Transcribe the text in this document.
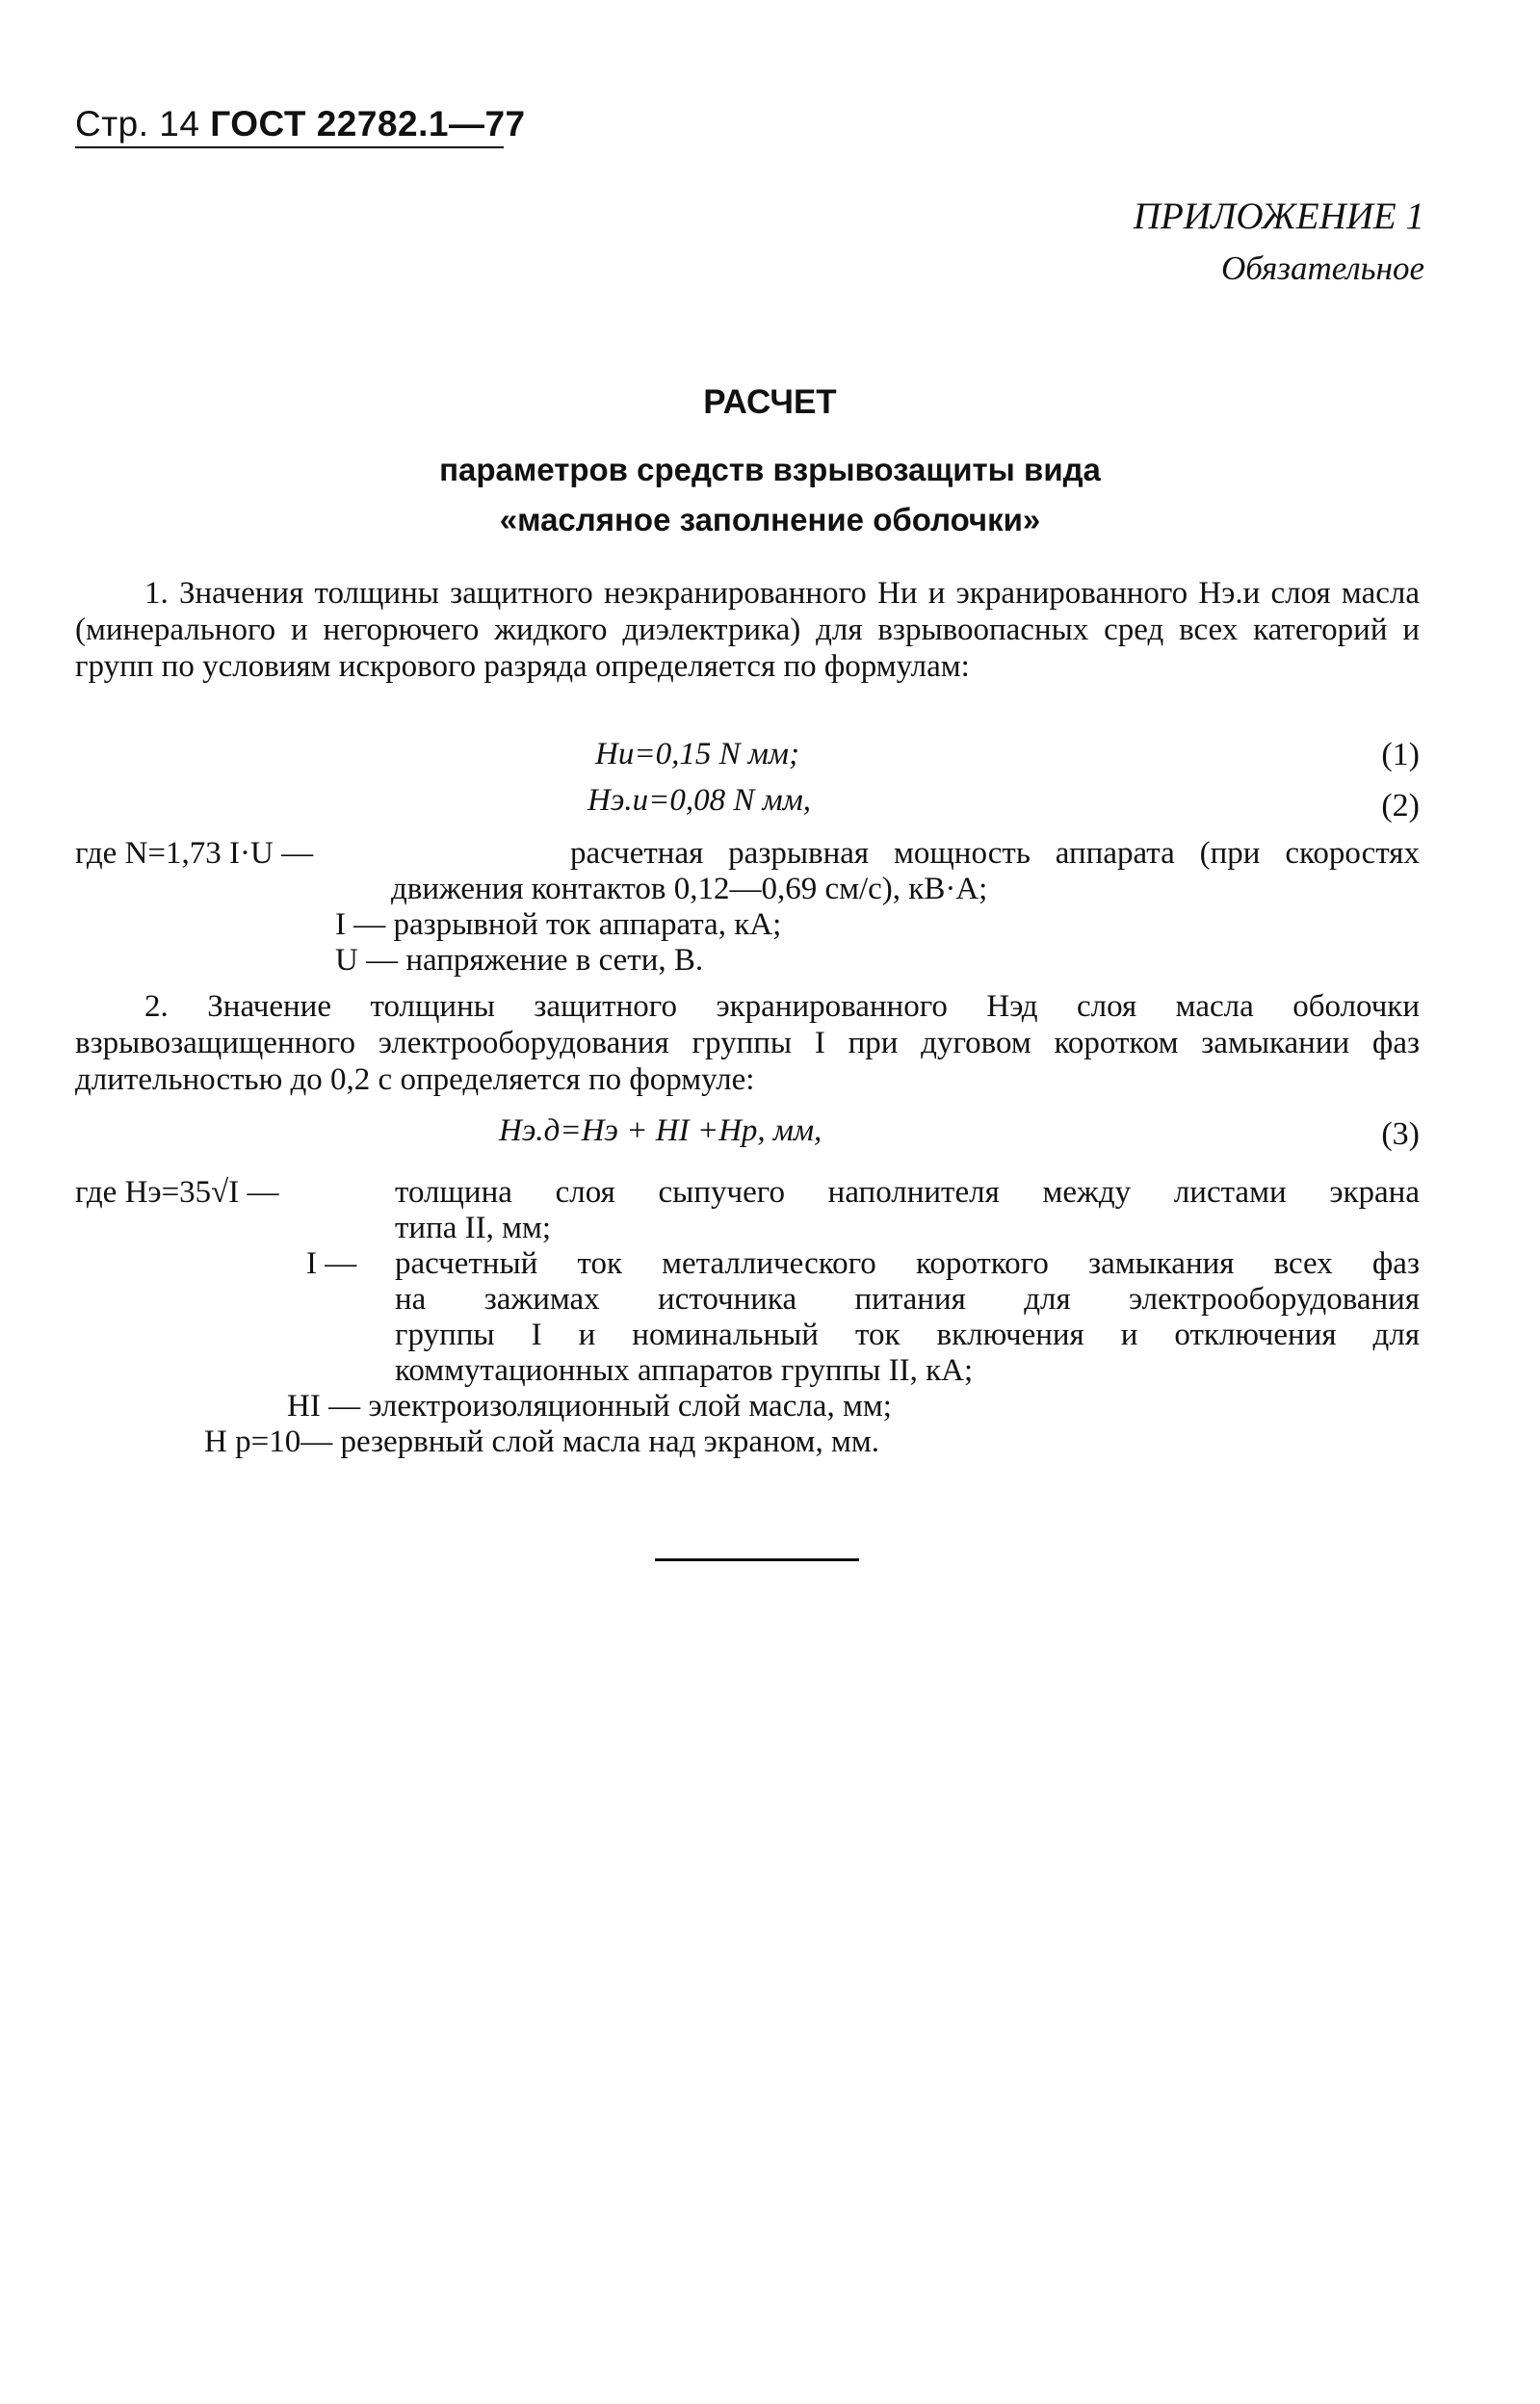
Стр. 14 ГОСТ 22782.1—77
ПРИЛОЖЕНИЕ 1
Обязательное
РАСЧЕТ
параметров средств взрывозащиты вида
«масляное заполнение оболочки»
1. Значения толщины защитного неэкранированного Hи и экранированного Hэ.и слоя масла (минерального и негорючего жидкого диэлектрика) для взрывоопасных сред всех категорий и групп по условиям искрового разряда определяется по формулам:
Hи=0,15 N мм;	(1)
Hэ.и=0,08 N мм,	(2)
где N=1,73 I·U —	расчетная разрывная мощность аппарата (при скоростях
движения контактов 0,12—0,69 см/с), кВ·А;
I — разрывной ток аппарата, кА;
U — напряжение в сети, В.
2. Значение толщины защитного экранированного Hэд слоя масла оболочки взрывозащищенного электрооборудования группы I при дуговом коротком замыкании фаз длительностью до 0,2 с определяется по формуле:
Hэ.д=Hэ + HI +Hр, мм,	(3)
где Hэ=35√I —	толщина слоя сыпучего наполнителя между листами экрана
типа II, мм;
I — расчетный ток металлического короткого замыкания всех фаз
на зажимах источника питания для электрооборудования
группы I и номинальный ток включения и отключения для
коммутационных аппаратов группы II, кА;
HI — электроизоляционный слой масла, мм;
H р=10— резервный слой масла над экраном, мм.
